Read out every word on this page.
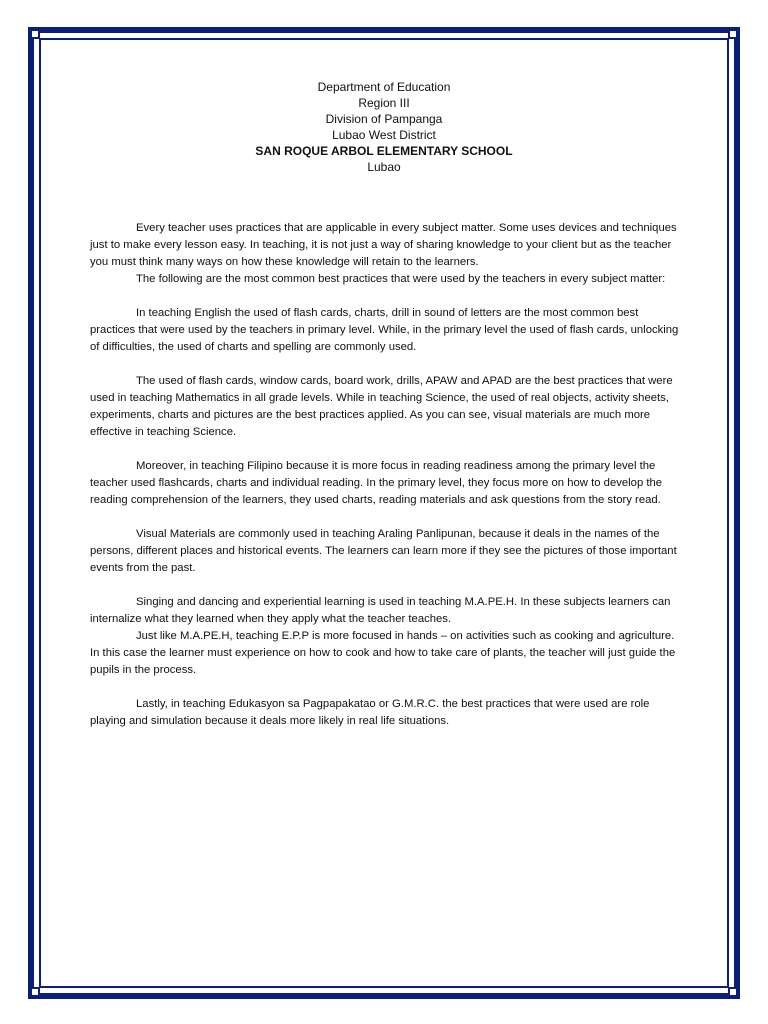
Department of Education
Region III
Division of Pampanga
Lubao West District
SAN ROQUE ARBOL ELEMENTARY SCHOOL
Lubao

Every teacher uses practices that are applicable in every subject matter. Some uses devices and techniques just to make every lesson easy. In teaching, it is not just a way of sharing knowledge to your client but as the teacher you must think many ways on how these knowledge will retain to the learners.

The following are the most common best practices that were used by the teachers in every subject matter:

In teaching English the used of flash cards, charts, drill in sound of letters are the most common best practices that were used by the teachers in primary level. While, in the primary level the used of flash cards, unlocking of difficulties, the used of charts and spelling are commonly used.

The used of flash cards, window cards, board work, drills, APAW and APAD are the best practices that were used in teaching Mathematics in all grade levels. While in teaching Science, the used of real objects, activity sheets, experiments, charts and pictures are the best practices applied. As you can see, visual materials are much more effective in teaching Science.

Moreover, in teaching Filipino because it is more focus in reading readiness among the primary level the teacher used flashcards, charts and individual reading. In the primary level, they focus more on how to develop the reading comprehension of the learners, they used charts, reading materials and ask questions from the story read.

Visual Materials are commonly used in teaching Araling Panlipunan, because it deals in the names of the persons, different places and historical events. The learners can learn more if they see the pictures of those important events from the past.

Singing and dancing and experiential learning is used in teaching M.A.PE.H. In these subjects learners can internalize what they learned when they apply what the teacher teaches.

Just like M.A.PE.H, teaching E.P.P is more focused in hands – on activities such as cooking and agriculture. In this case the learner must experience on how to cook and how to take care of plants, the teacher will just guide the pupils in the process.

Lastly, in teaching Edukasyon sa Pagpapakatao or G.M.R.C. the best practices that were used are role playing and simulation because it deals more likely in real life situations.
